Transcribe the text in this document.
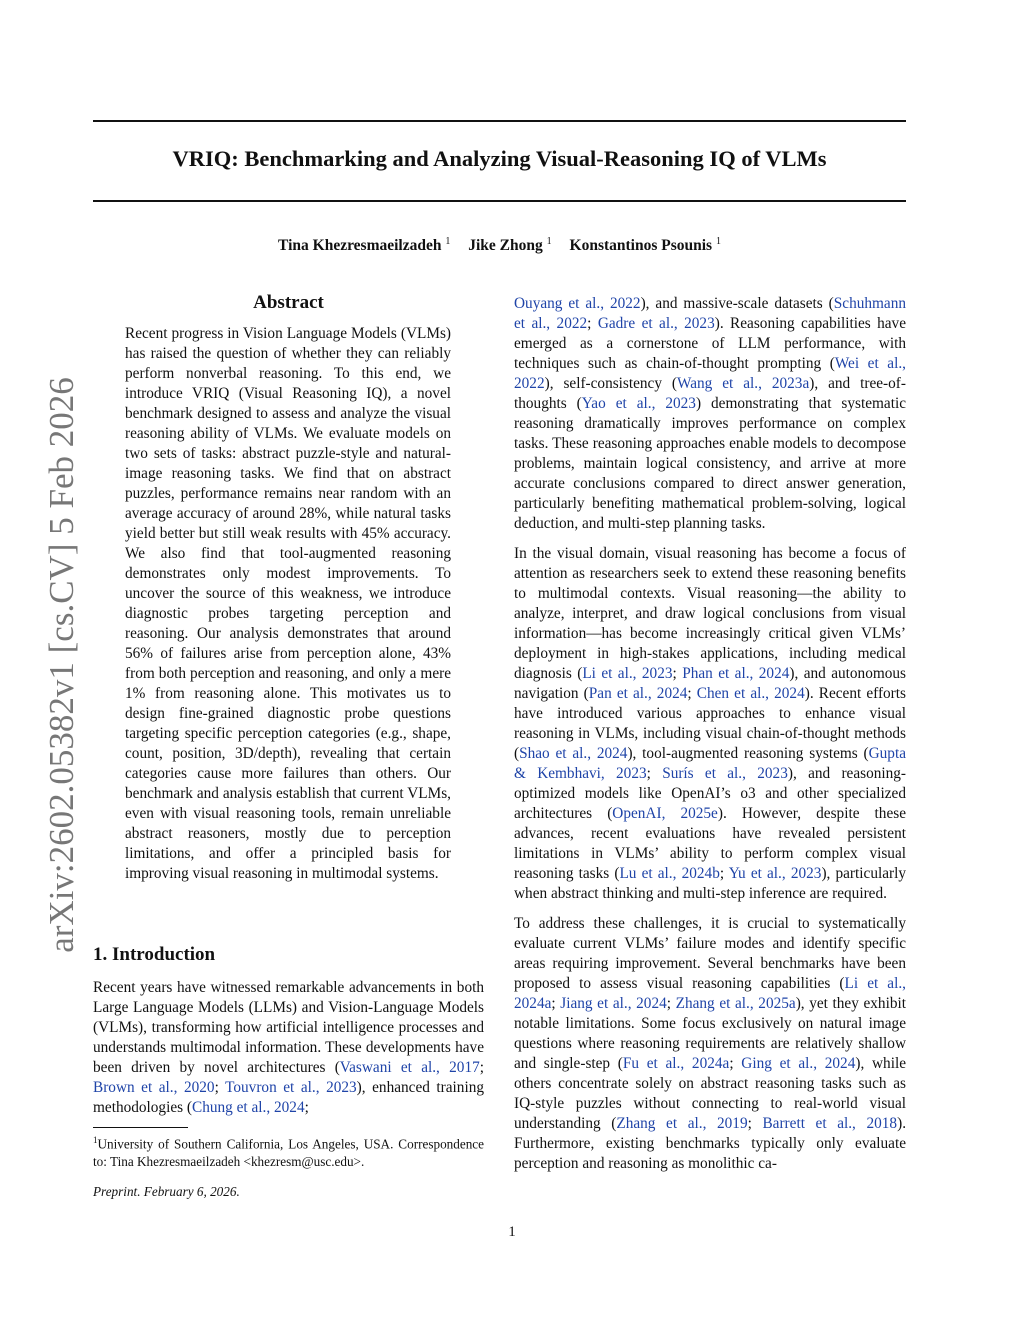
arXiv:2602.05382v1 [cs.CV] 5 Feb 2026
VRIQ: Benchmarking and Analyzing Visual-Reasoning IQ of VLMs
Tina Khezresmaeilzadeh $^1$ Jike Zhong $^1$ Konstantinos Psounis $^1$
Abstract
Recent progress in Vision Language Models (VLMs) has raised the question of whether they can reliably perform nonverbal reasoning. To this end, we introduce VRIQ (Visual Reasoning IQ), a novel benchmark designed to assess and analyze the visual reasoning ability of VLMs. We evaluate models on two sets of tasks: abstract puzzle-style and natural-image reasoning tasks. We find that on abstract puzzles, performance remains near random with an average accuracy of around 28%, while natural tasks yield better but still weak results with 45% accuracy. We also find that tool-augmented reasoning demonstrates only modest improvements. To uncover the source of this weakness, we introduce diagnostic probes targeting perception and reasoning. Our analysis demonstrates that around 56% of failures arise from perception alone, 43% from both perception and reasoning, and only a mere 1% from reasoning alone. This motivates us to design fine-grained diagnostic probe questions targeting specific perception categories (e.g., shape, count, position, 3D/depth), revealing that certain categories cause more failures than others. Our benchmark and analysis establish that current VLMs, even with visual reasoning tools, remain unreliable abstract reasoners, mostly due to perception limitations, and offer a principled basis for improving visual reasoning in multimodal systems.
1. Introduction

Recent years have witnessed remarkable advancements in both Large Language Models (LLMs) and Vision-Language Models (VLMs), transforming how artificial intelligence processes and understands multimodal information. These developments have been driven by novel architectures (Vaswani et al., 2017; Brown et al., 2020; Touvron et al., 2023), enhanced training methodologies (Chung et al., 2024;

Ouyang et al., 2022), and massive-scale datasets (Schuhmann et al., 2022; Gadre et al., 2023). Reasoning capabilities have emerged as a cornerstone of LLM performance, with techniques such as chain-of-thought prompting (Wei et al., 2022), self-consistency (Wang et al., 2023a), and tree-of-thoughts (Yao et al., 2023) demonstrating that systematic reasoning dramatically improves performance on complex tasks. These reasoning approaches enable models to decompose problems, maintain logical consistency, and arrive at more accurate conclusions compared to direct answer generation, particularly benefiting mathematical problem-solving, logical deduction, and multi-step planning tasks.

In the visual domain, visual reasoning has become a focus of attention as researchers seek to extend these reasoning benefits to multimodal contexts. Visual reasoning—the ability to analyze, interpret, and draw logical conclusions from visual information—has become increasingly critical given VLMs’ deployment in high-stakes applications, including medical diagnosis (Li et al., 2023; Phan et al., 2024), and autonomous navigation (Pan et al., 2024; Chen et al., 2024). Recent efforts have introduced various approaches to enhance visual reasoning in VLMs, including visual chain-of-thought methods (Shao et al., 2024), tool-augmented reasoning systems (Gupta & Kembhavi, 2023; Surís et al., 2023), and reasoning-optimized models like OpenAI’s o3 and other specialized architectures (OpenAI, 2025e). However, despite these advances, recent evaluations have revealed persistent limitations in VLMs’ ability to perform complex visual reasoning tasks (Lu et al., 2024b; Yu et al., 2023), particularly when abstract thinking and multi-step inference are required.

To address these challenges, it is crucial to systematically evaluate current VLMs’ failure modes and identify specific areas requiring improvement. Several benchmarks have been proposed to assess visual reasoning capabilities (Li et al., 2024a; Jiang et al., 2024; Zhang et al., 2025a), yet they exhibit notable limitations. Some focus exclusively on natural image questions where reasoning requirements are relatively shallow and single-step (Fu et al., 2024a; Ging et al., 2024), while others concentrate solely on abstract reasoning tasks such as IQ-style puzzles without connecting to real-world visual understanding (Zhang et al., 2019; Barrett et al., 2018). Furthermore, existing benchmarks typically only evaluate perception and reasoning as monolithic ca-

$^1$University of Southern California, Los Angeles, USA. Correspondence to: Tina Khezresmaeilzadeh <khezresm@usc.edu>.
Preprint. February 6, 2026.
1
